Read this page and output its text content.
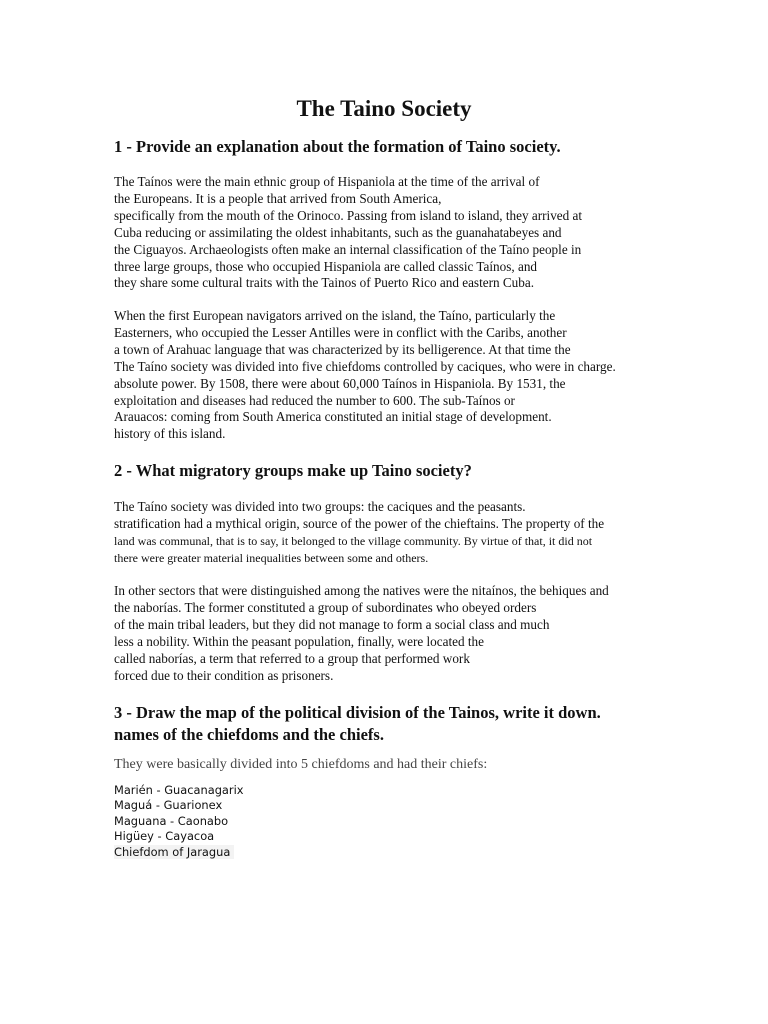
The Taino Society
1 - Provide an explanation about the formation of Taino society.
The Taínos were the main ethnic group of Hispaniola at the time of the arrival of
the Europeans. It is a people that arrived from South America,
specifically from the mouth of the Orinoco. Passing from island to island, they arrived at
Cuba reducing or assimilating the oldest inhabitants, such as the guanahatabeyes and
the Ciguayos. Archaeologists often make an internal classification of the Taíno people in
three large groups, those who occupied Hispaniola are called classic Taínos, and
they share some cultural traits with the Tainos of Puerto Rico and eastern Cuba.
When the first European navigators arrived on the island, the Taíno, particularly the
Easterners, who occupied the Lesser Antilles were in conflict with the Caribs, another
a town of Arahuac language that was characterized by its belligerence. At that time the
The Taíno society was divided into five chiefdoms controlled by caciques, who were in charge.
absolute power. By 1508, there were about 60,000 Taínos in Hispaniola. By 1531, the
exploitation and diseases had reduced the number to 600. The sub-Taínos or
Arauacos: coming from South America constituted an initial stage of development.
history of this island.
2 - What migratory groups make up Taino society?
The Taíno society was divided into two groups: the caciques and the peasants.
stratification had a mythical origin, source of the power of the chieftains. The property of the
land was communal, that is to say, it belonged to the village community. By virtue of that, it did not
there were greater material inequalities between some and others.
In other sectors that were distinguished among the natives were the nitaínos, the behiques and
the naborías. The former constituted a group of subordinates who obeyed orders
of the main tribal leaders, but they did not manage to form a social class and much
less a nobility. Within the peasant population, finally, were located the
called naborías, a term that referred to a group that performed work
forced due to their condition as prisoners.
3 - Draw the map of the political division of the Tainos, write it down.
names of the chiefdoms and the chiefs.

They were basically divided into 5 chiefdoms and had their chiefs:

Marién - Guacanagarix
Maguá - Guarionex
Maguana - Caonabo
Higüey - Cayacoa
Chiefdom of Jaragua
